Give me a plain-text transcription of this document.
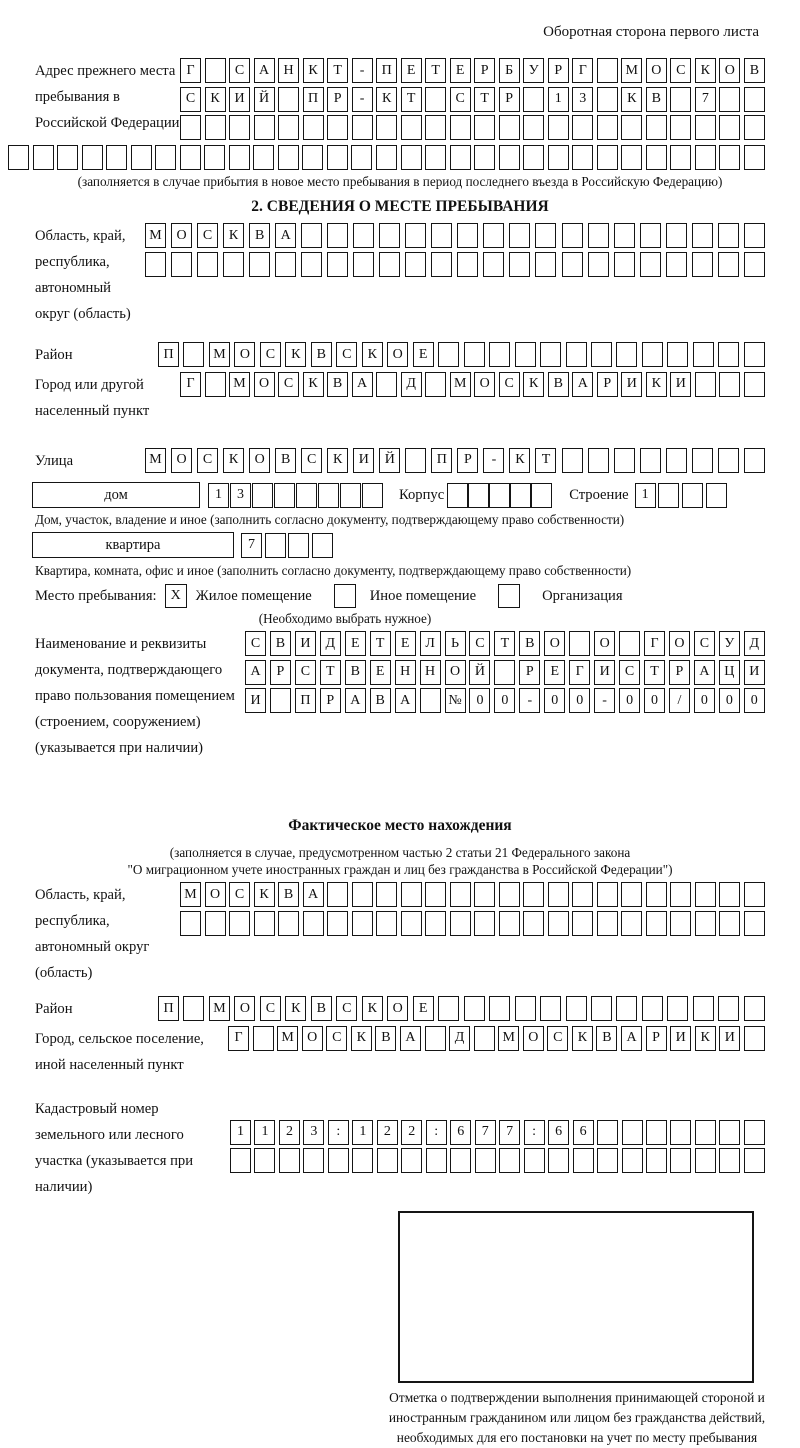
Оборотная сторона первого листа
Адрес прежнего места пребывания в Российской Федерации
Г	С	А	Н	К	Т	-	П	Е	Т	Е	Р	Б	У	Р	Г	М О	С	К	О	В
С	К	И	Й	П	Р	-	К	Т	С	Т	Р	1	3	К	В	7
(заполняется в случае прибытия в новое место пребывания в период последнего въезда в Российскую Федерацию)
2. СВЕДЕНИЯ О МЕСТЕ ПРЕБЫВАНИЯ
Область, край, республика, автономный округ (область)
М	О	С	К	В	А
Район	П	М	О	С	К	В	С	К	О	Е
Город или другой населенный пункт
Г	М О	С	К	В	А	Д	М О	С	К	В	А	Р	И	К	И
Улица	М	О	С	К	О	В	С	К	И	Й	П	Р	-	К	Т
дом	1	3	Корпус	Строение 1
Дом, участок, владение и иное (заполнить согласно документу, подтверждающему право собственности)
квартира	7
Квартира, комната, офис и иное (заполнить согласно документу, подтверждающему право собственности)
Место пребывания: X	Жилое помещение	Иное помещение	Организация
(Необходимо выбрать нужное)
Наименование и реквизиты документа, подтверждающего право пользования помещением (строением, сооружением) (указывается при наличии)
С	В	И	Д	Е	Т	Е	Л	Ь	С	Т	В	О	О	Г	О	С	У	Д
А	Р	С	Т	В	Е	Н	Н	О	Й	Р	Е	Г	И	С	Т	Р	А	Ц	И
И	П	Р	А	В	А	№	0	0	-	0	0	-	0	0	/	0	0	0
Фактическое место нахождения
(заполняется в случае, предусмотренном частью 2 статьи 21 Федерального закона
"О миграционном учете иностранных граждан и лиц без гражданства в Российской Федерации")
Область, край, республика, автономный округ (область)
М О	С	К	В	А
Район	П	М	О	С	К	В	С	К	О	Е
Город, сельское поселение, иной населенный пункт
Г	М О	С	К	В	А	Д	М О	С	К	В	А	Р	И	К	И
Кадастровый номер земельного или лесного участка (указывается при наличии)
1	1	2	3	:	1	2	2	:	6	7	7	:	6	6
Отметка о подтверждении выполнения принимающей стороной и иностранным гражданином или лицом без гражданства действий, необходимых для его постановки на учет по месту пребывания
